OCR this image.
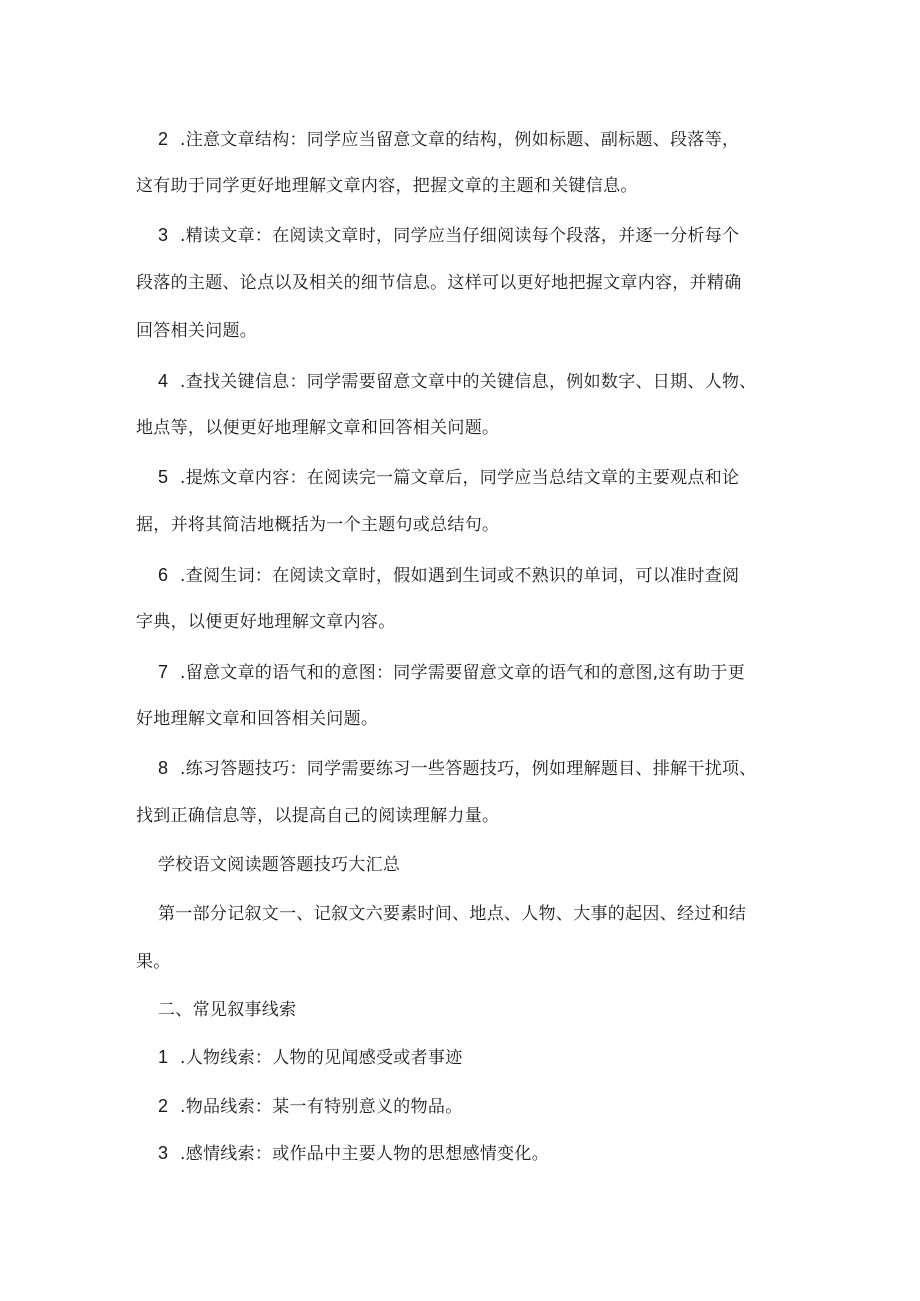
2 .注意文章结构：同学应当留意文章的结构，例如标题、副标题、段落等，
这有助于同学更好地理解文章内容，把握文章的主题和关键信息。
3 .精读文章：在阅读文章时，同学应当仔细阅读每个段落，并逐一分析每个
段落的主题、论点以及相关的细节信息。这样可以更好地把握文章内容，并精确
回答相关问题。
4 .查找关键信息：同学需要留意文章中的关键信息，例如数字、日期、人物、
地点等，以便更好地理解文章和回答相关问题。
5 .提炼文章内容：在阅读完一篇文章后，同学应当总结文章的主要观点和论
据，并将其简洁地概括为一个主题句或总结句。
6 .查阅生词：在阅读文章时，假如遇到生词或不熟识的单词，可以准时查阅
字典，以便更好地理解文章内容。
7 .留意文章的语气和的意图：同学需要留意文章的语气和的意图,这有助于更
好地理解文章和回答相关问题。
8 .练习答题技巧：同学需要练习一些答题技巧，例如理解题目、排解干扰项、
找到正确信息等，以提高自己的阅读理解力量。
学校语文阅读题答题技巧大汇总
第一部分记叙文一、记叙文六要素时间、地点、人物、大事的起因、经过和结
果。
二、常见叙事线索
1 .人物线索：人物的见闻感受或者事迹
2 .物品线索：某一有特别意义的物品。
3 .感情线索：或作品中主要人物的思想感情变化。
